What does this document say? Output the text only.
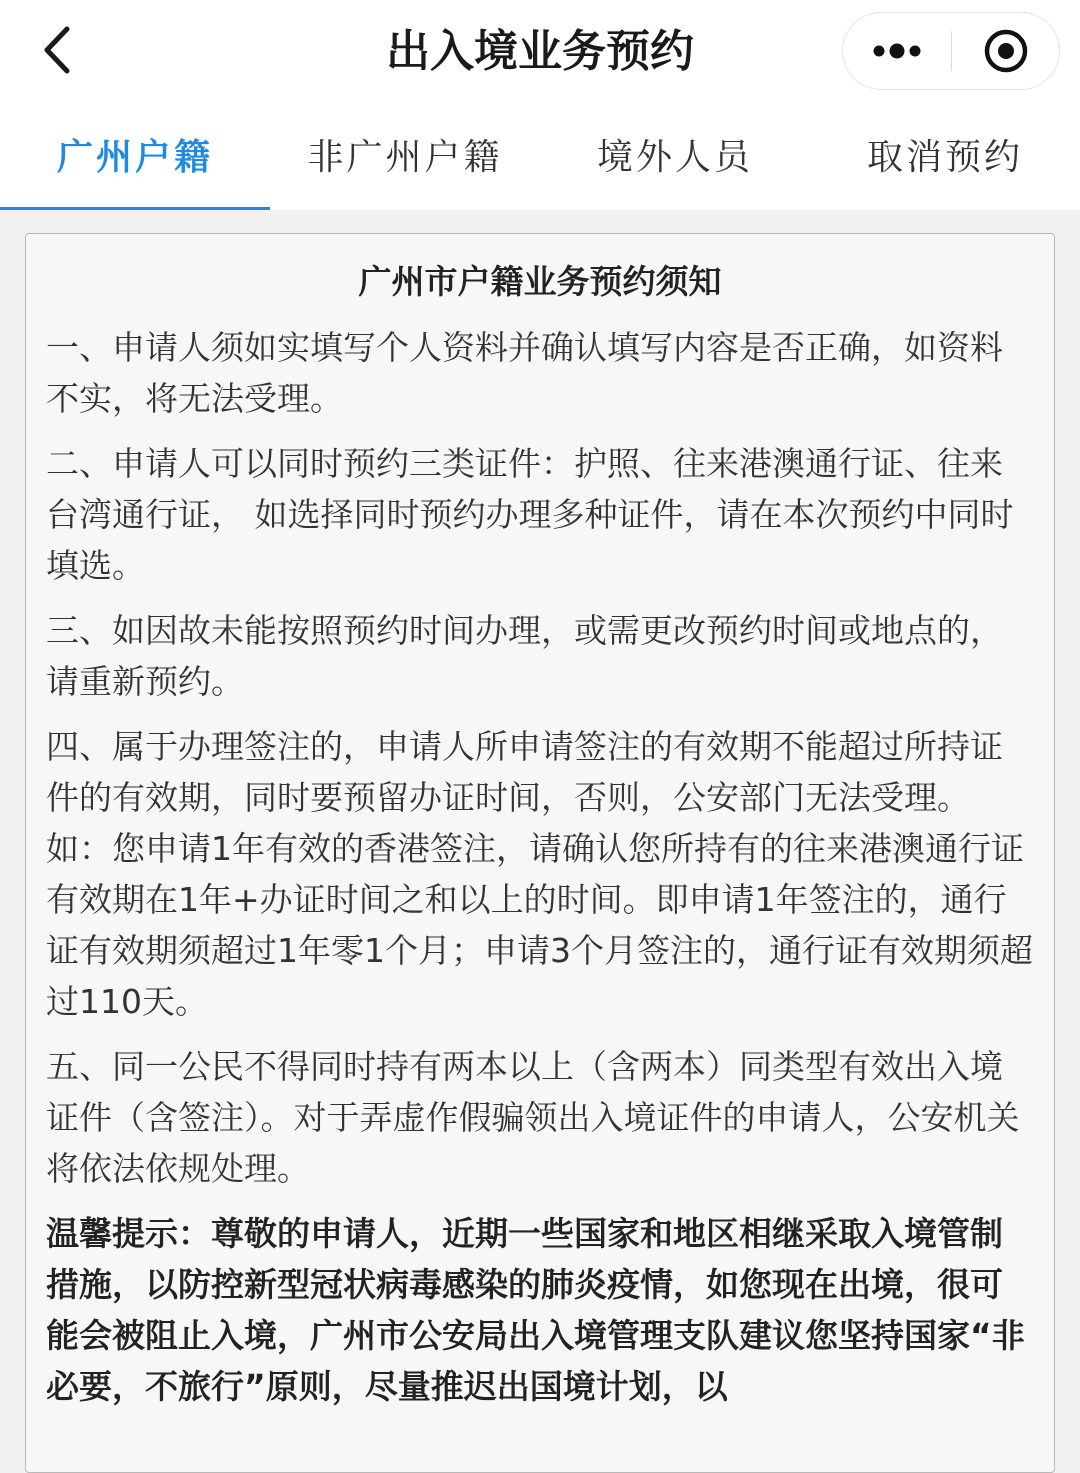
出入境业务预约
广州户籍	非广州户籍	境外人员	取消预约
广州市户籍业务预约须知

一、申请人须如实填写个人资料并确认填写内容是否正确，如资料不实，将无法受理。

二、申请人可以同时预约三类证件：护照、往来港澳通行证、往来台湾通行证， 如选择同时预约办理多种证件，请在本次预约中同时填选。

三、如因故未能按照预约时间办理，或需更改预约时间或地点的，请重新预约。

四、属于办理签注的，申请人所申请签注的有效期不能超过所持证件的有效期，同时要预留办证时间，否则，公安部门无法受理。如：您申请1年有效的香港签注，请确认您所持有的往来港澳通行证有效期在1年+办证时间之和以上的时间。即申请1年签注的，通行证有效期须超过1年零1个月；申请3个月签注的，通行证有效期须超过110天。

五、同一公民不得同时持有两本以上（含两本）同类型有效出入境证件（含签注）。对于弄虚作假骗领出入境证件的申请人，公安机关将依法依规处理。

温馨提示：尊敬的申请人，近期一些国家和地区相继采取入境管制措施，以防控新型冠状病毒感染的肺炎疫情，如您现在出境，很可能会被阻止入境，广州市公安局出入境管理支队建议您坚持国家“非必要，不旅行”原则，尽量推迟出国境计划，以
